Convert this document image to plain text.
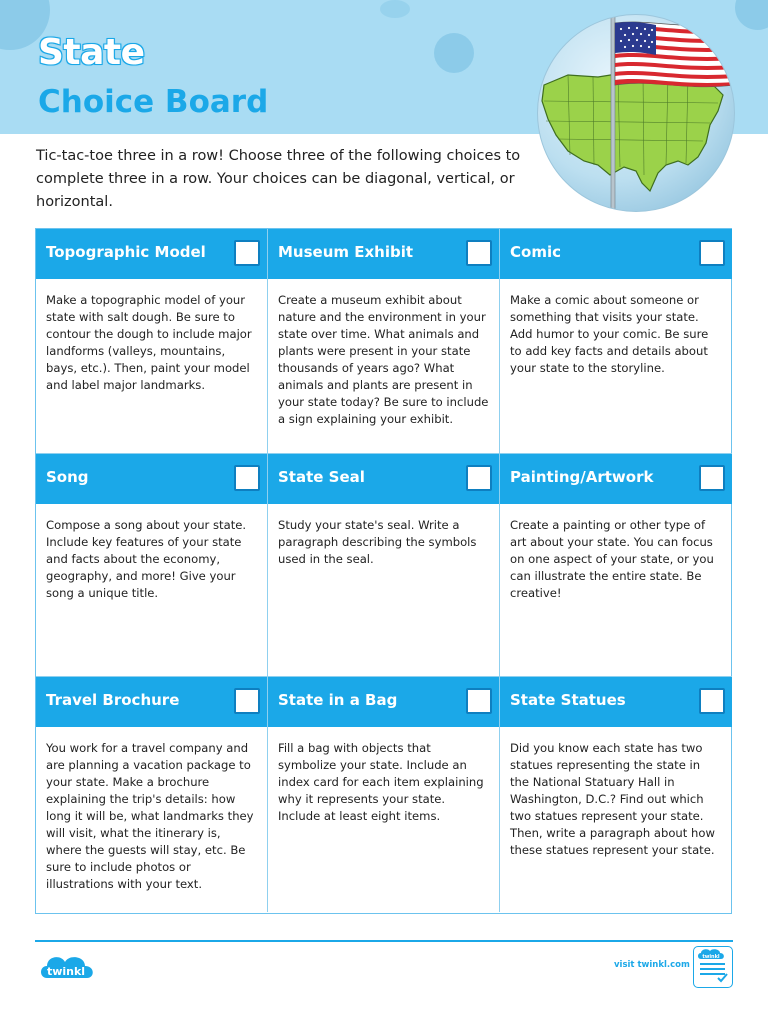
State
Choice Board

Tic-tac-toe three in a row! Choose three of the following choices to complete three in a row. Your choices can be diagonal, vertical, or horizontal.

Topographic Model
Make a topographic model of your state with salt dough. Be sure to contour the dough to include major landforms (valleys, mountains, bays, etc.). Then, paint your model and label major landmarks.
Museum Exhibit
Create a museum exhibit about nature and the environment in your state over time. What animals and plants were present in your state thousands of years ago? What animals and plants are present in your state today? Be sure to include a sign explaining your exhibit.
Comic
Make a comic about someone or something that visits your state. Add humor to your comic. Be sure to add key facts and details about your state to the storyline.
Song
Compose a song about your state. Include key features of your state and facts about the economy, geography, and more! Give your song a unique title.
State Seal
Study your state's seal. Write a paragraph describing the symbols used in the seal.
Painting/Artwork
Create a painting or other type of art about your state. You can focus on one aspect of your state, or you can illustrate the entire state. Be creative!
Travel Brochure
You work for a travel company and are planning a vacation package to your state. Make a brochure explaining the trip's details: how long it will be, what landmarks they will visit, what the itinerary is, where the guests will stay, etc. Be sure to include photos or illustrations with your text.
State in a Bag
Fill a bag with objects that symbolize your state. Include an index card for each item explaining why it represents your state. Include at least eight items.
State Statues
Did you know each state has two statues representing the state in the National Statuary Hall in Washington, D.C.? Find out which two statues represent your state. Then, write a paragraph about how these statues represent your state.
twinkl	visit twinkl.com
twinkl
